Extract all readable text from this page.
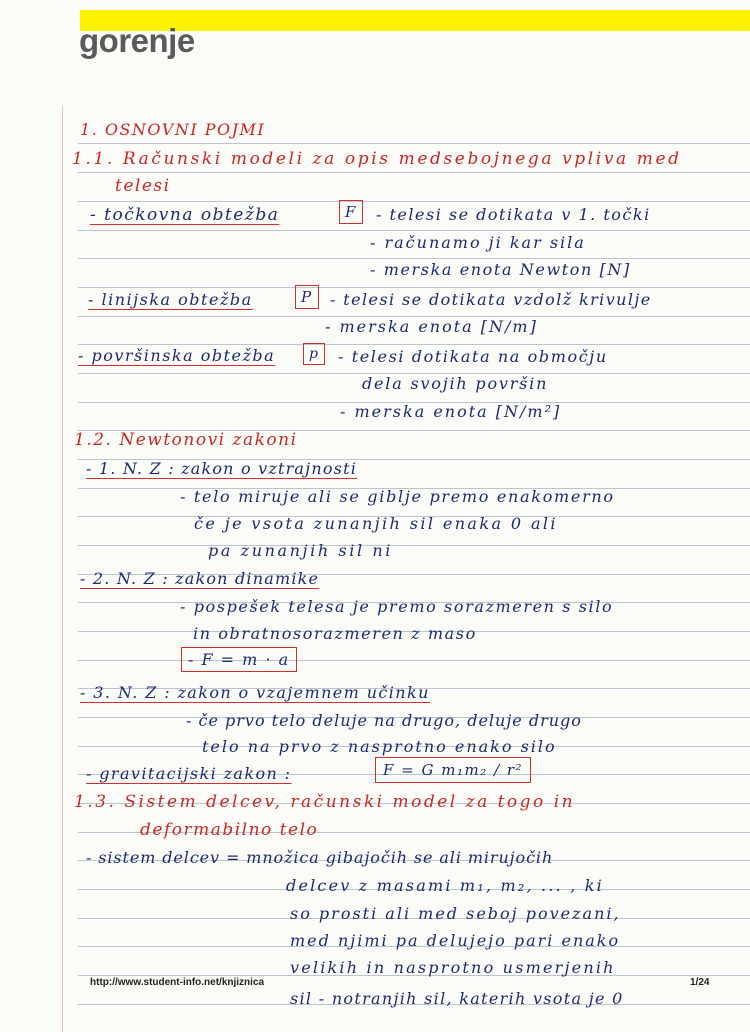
gorenje
1. OSNOVNI POJMI
1.1. Računski modeli za opis medsebojnega vpliva med
telesi
- točkovna obtežba	F - telesi se dotikata v 1. točki
- računamo ji kar sila
- merska enota Newton [N]
- linijska obtežba	P - telesi se dotikata vzdolž krivulje
- merska enota [N/m]
- površinska obtežba p - telesi dotikata na območju
dela svojih površin
- merska enota [N/m²]
1.2. Newtonovi zakoni
- 1. N. Z : zakon o vztrajnosti
- telo miruje ali se giblje premo enakomerno
če je vsota zunanjih sil enaka 0 ali
pa zunanjih sil ni
- 2. N. Z : zakon dinamike
- pospešek telesa je premo sorazmeren s silo
in obratnosorazmeren z maso
- F = m · a
- 3. N. Z : zakon o vzajemnem učinku
- če prvo telo deluje na drugo, deluje drugo
telo na prvo z nasprotno enako silo
- gravitacijski zakon :	F = G m₁m₂ / r²
1.3. Sistem delcev, računski model za togo in
deformabilno telo
- sistem delcev = množica gibajočih se ali mirujočih
delcev z masami m₁, m₂, ... , ki
so prosti ali med seboj povezani,
med njimi pa delujejo pari enako
velikih in nasprotno usmerjenih
sil - notranjih sil, katerih vsota je 0
http://www.student-info.net/knjiznica	1/24
